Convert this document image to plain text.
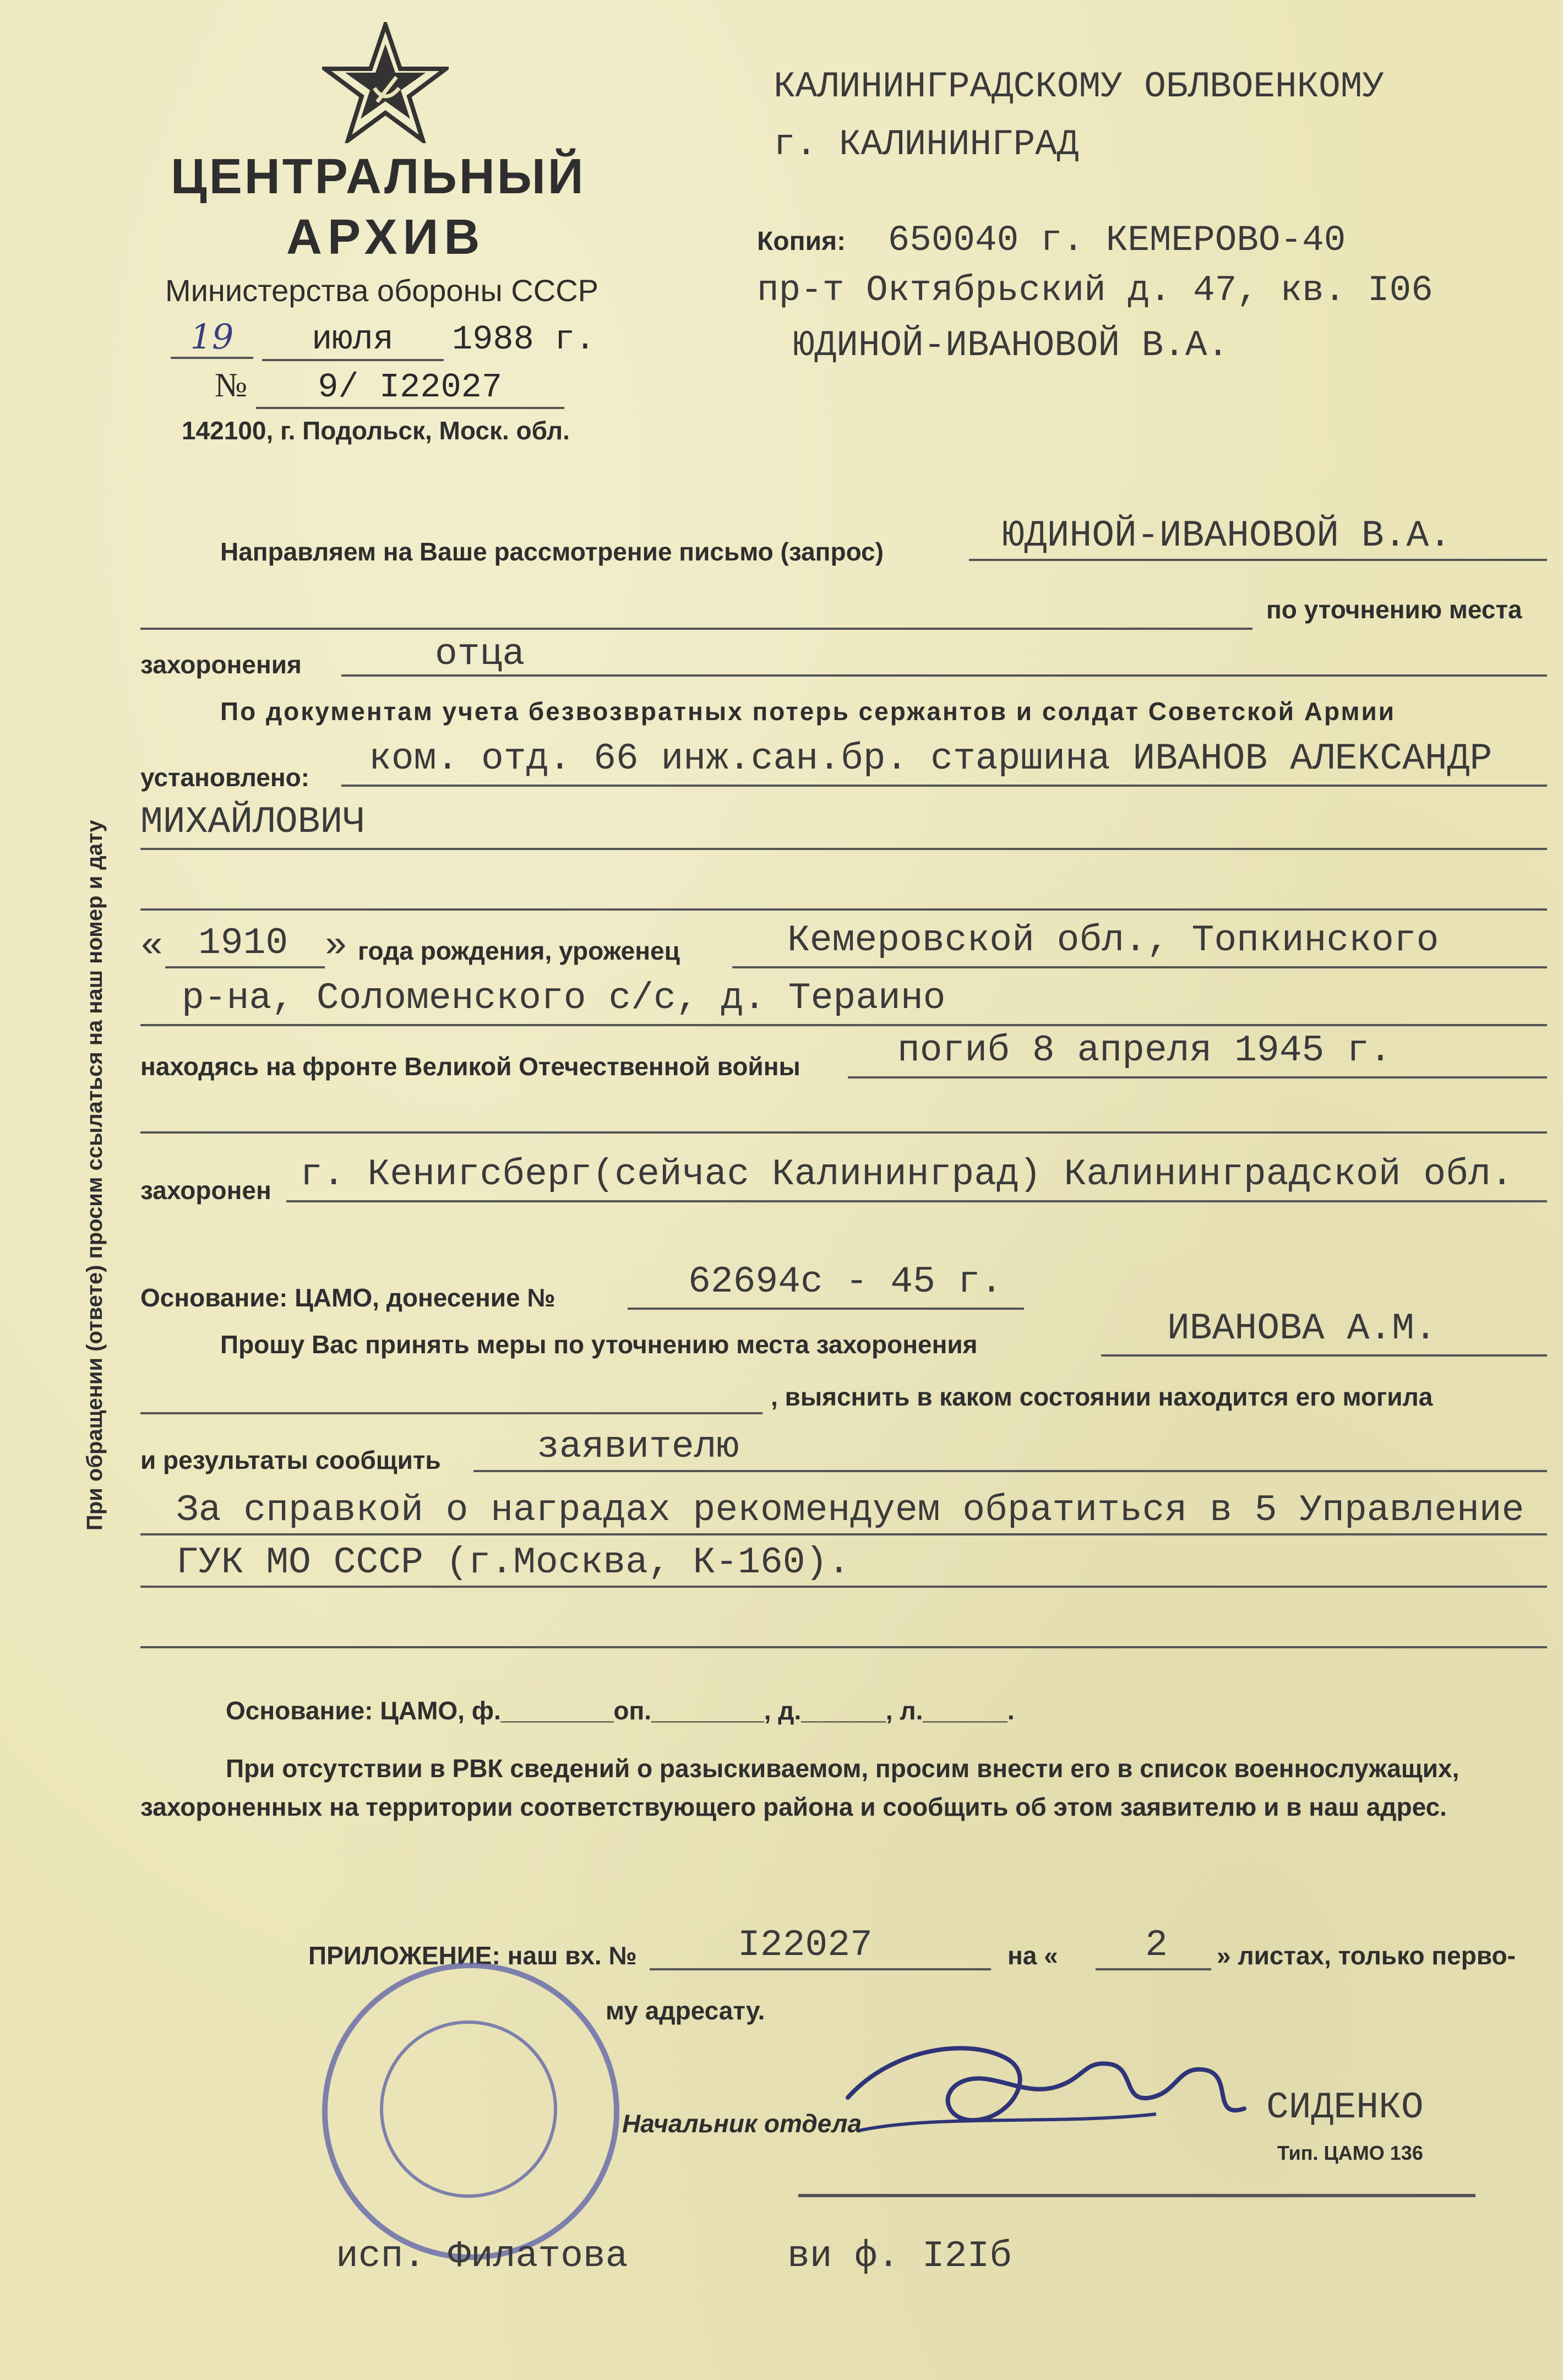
ЦЕНТРАЛЬНЫЙ
АРХИВ
Министерства обороны СССР
19 июля 1988 г.
№ 9/ I22027
142100, г. Подольск, Моск. обл.
КАЛИНИНГРАДСКОМУ ОБЛВОЕНКОМУ
г. КАЛИНИНГРАД
Копия: 650040 г. КЕМЕРОВО-40
пр-т Октябрьский д. 47, кв. I06
ЮДИНОЙ-ИВАНОВОЙ В.А.
При обращении (ответе) просим ссылаться на наш номер и дату
Направляем на Ваше рассмотрение письмо (запрос)	ЮДИНОЙ-ИВАНОВОЙ В.А.
по уточнению места
захоронения	отца
По документам учета безвозвратных потерь сержантов и солдат Советской Армии
установлено: ком. отд. 66 инж.сан.бр. старшина ИВАНОВ АЛЕКСАНДР
МИХАЙЛОВИЧ
« 1910 » года рождения, уроженец	Кемеровской обл., Топкинского
р-на, Соломенского с/с, д. Тераино
находясь на фронте Великой Отечественной войны	погиб 8 апреля 1945 г.
захоронен г. Кенигсберг(сейчас Калининград) Калининградской обл.
Основание: ЦАМО, донесение №	62694с - 45 г.
Прошу Вас принять меры по уточнению места захоронения	ИВАНОВА А.М.
, выяснить в каком состоянии находится его могила
и результаты сообщить	заявителю
За справкой о наградах рекомендуем обратиться в 5 Управление
ГУК МО СССР (г.Москва, К-160).
Основание: ЦАМО, ф.________оп.________, д.______, л.______.
При отсутствии в РВК сведений о разыскиваемом, просим внести его в список военнослужащих,
захороненных на территории соответствующего района и сообщить об этом заявителю и в наш адрес.
ПРИЛОЖЕНИЕ: наш вх. №	I22027	на « 2 » листах, только перво-
му адресату.
Начальник отдела	СИДЕНКО
Тип. ЦАМО 136
исп. Филатова	ви ф. I2Iб
